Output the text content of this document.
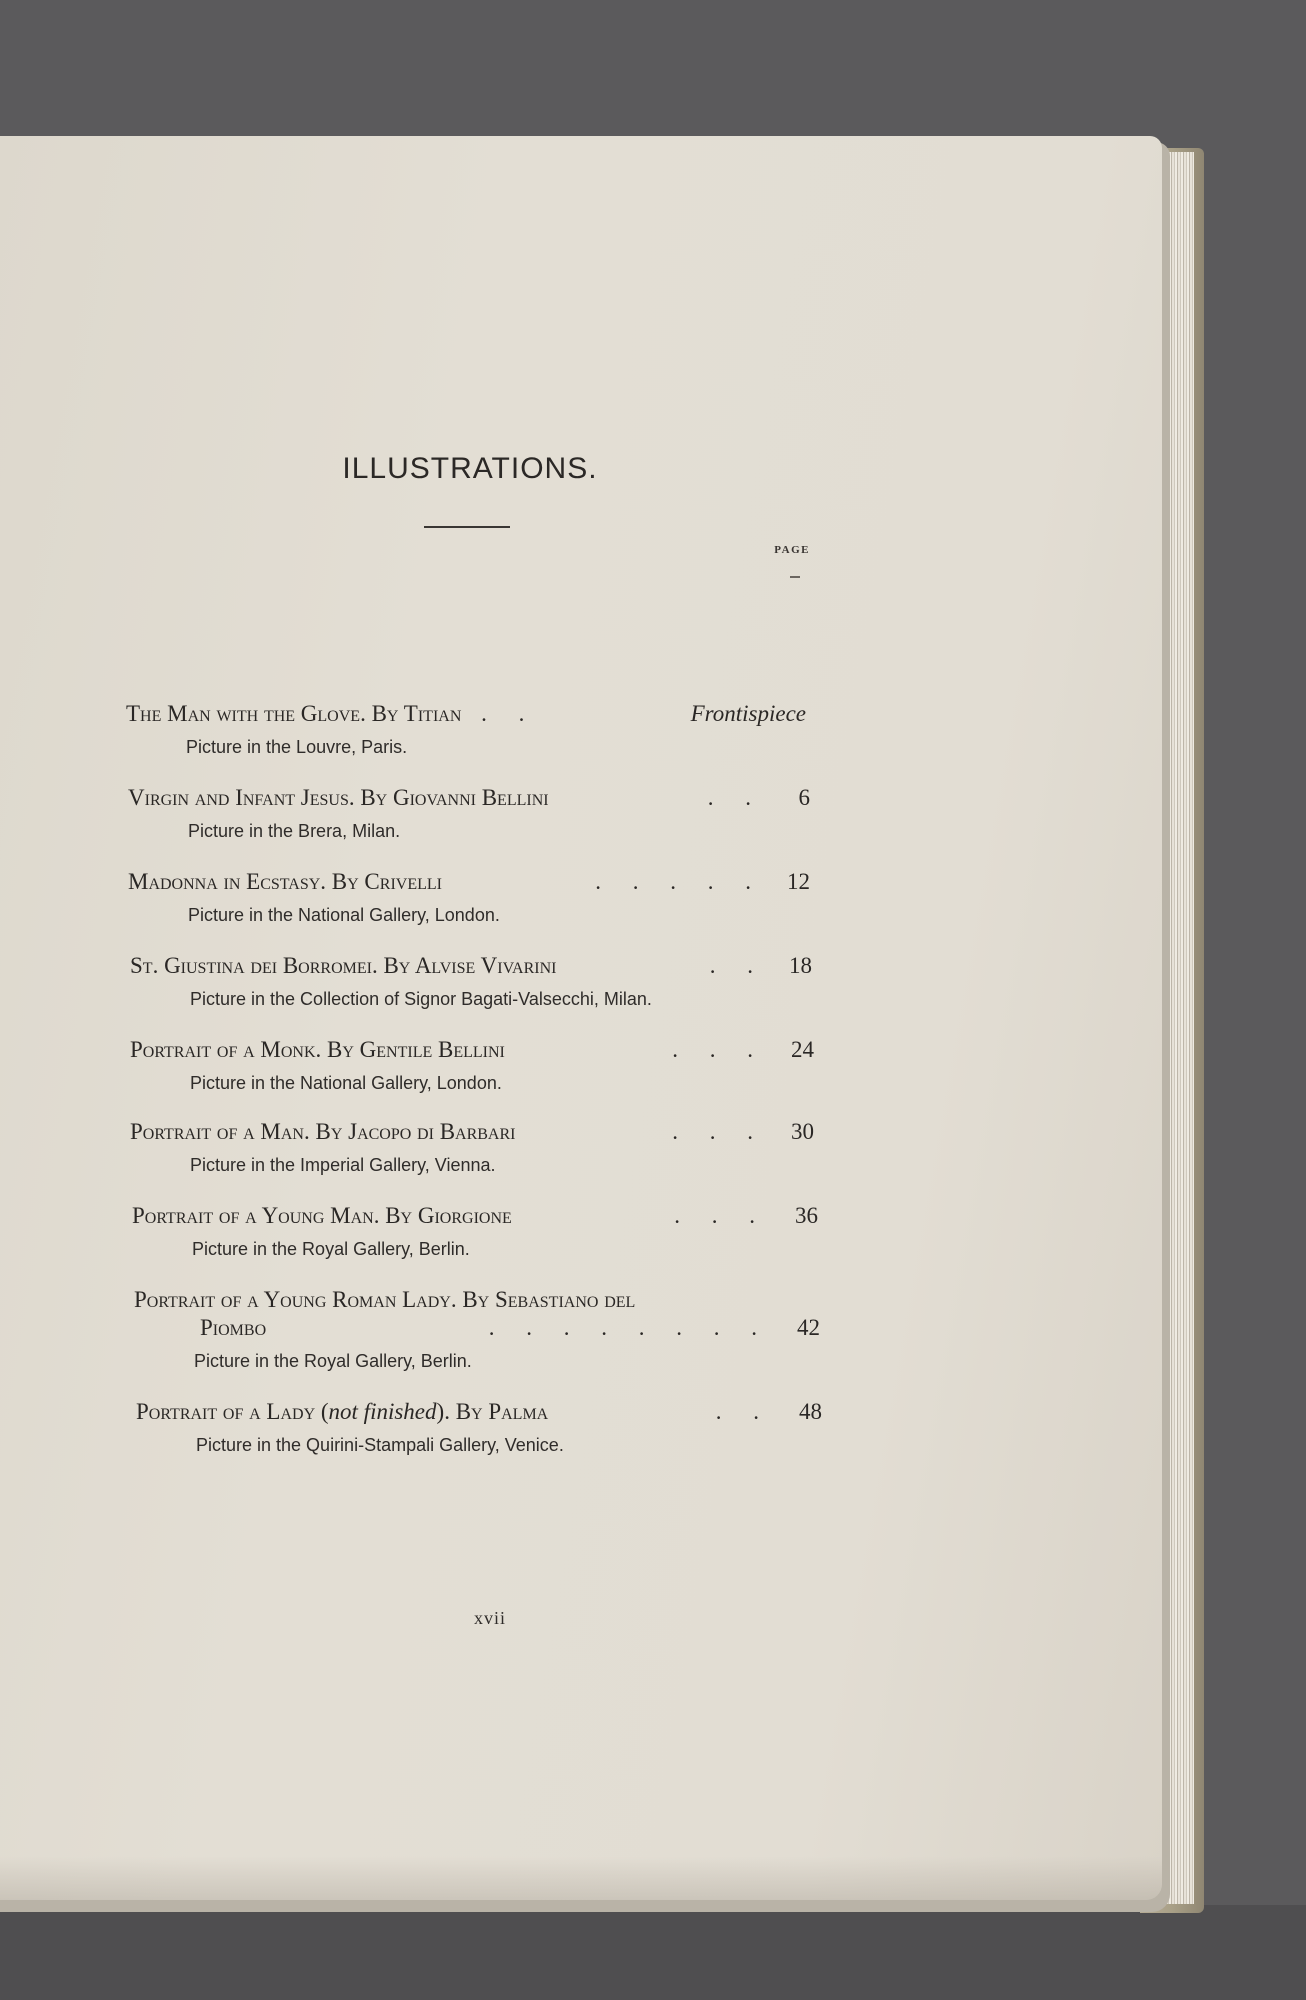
ILLUSTRATIONS.
PAGE
The Man with the Glove. By Titian . .	Frontispiece
Picture in the Louvre, Paris.
Virgin and Infant Jesus. By Giovanni Bellini	6
. .
Picture in the Brera, Milan.
Madonna in Ecstasy. By Crivelli	12
. . . . .
Picture in the National Gallery, London.
St. Giustina dei Borromei. By Alvise Vivarini	18
. .
Picture in the Collection of Signor Bagati-Valsecchi, Milan.
Portrait of a Monk. By Gentile Bellini	24
. . .
Picture in the National Gallery, London.
Portrait of a Man. By Jacopo di Barbari	30
. . .
Picture in the Imperial Gallery, Vienna.
Portrait of a Young Man. By Giorgione	36
. . .
Picture in the Royal Gallery, Berlin.
Portrait of a Young Roman Lady. By Sebastiano del
Piombo	42
. . . . . . . .
Picture in the Royal Gallery, Berlin.
Portrait of a Lady (not finished). By Palma	48
. .
Picture in the Quirini-Stampali Gallery, Venice.
xvii
